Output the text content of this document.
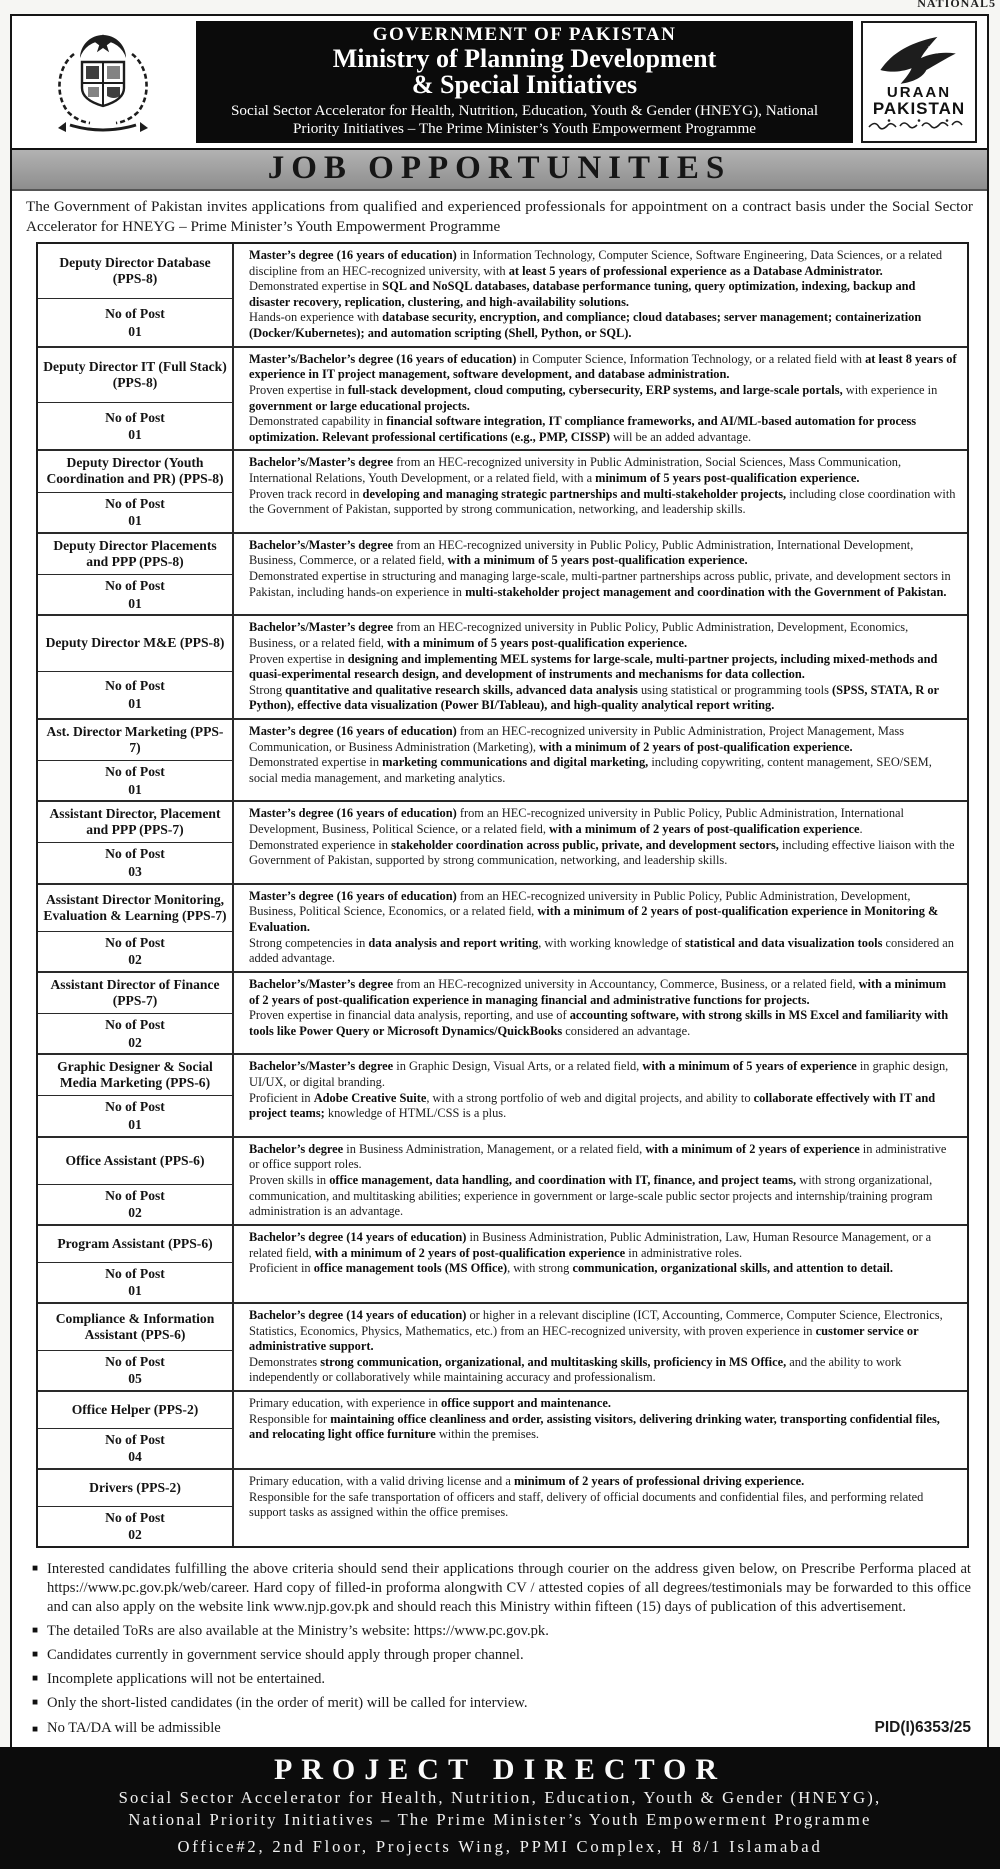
NATIONAL5
GOVERNMENT OF PAKISTAN
Ministry of Planning Development
& Special Initiatives
Social Sector Accelerator for Health, Nutrition, Education, Youth & Gender (HNEYG), National Priority Initiatives – The Prime Minister’s Youth Empowerment Programme
URAAN
PAKISTAN
JOB OPPORTUNITIES
The Government of Pakistan invites applications from qualified and experienced professionals for appointment on a contract basis under the Social Sector Accelerator for HNEYG – Prime Minister’s Youth Empowerment Programme
Deputy Director Database (PPS-8)
No of Post
01

Master’s degree (16 years of education) in Information Technology, Computer Science, Software Engineering, Data Sciences, or a related discipline from an HEC-recognized university, with at least 5 years of professional experience as a Database Administrator.

Demonstrated expertise in SQL and NoSQL databases, database performance tuning, query optimization, indexing, backup and disaster recovery, replication, clustering, and high-availability solutions.

Hands-on experience with database security, encryption, and compliance; cloud databases; server management; containerization (Docker/Kubernetes); and automation scripting (Shell, Python, or SQL).

Deputy Director IT (Full Stack) (PPS-8)
No of Post
01

Master’s/Bachelor’s degree (16 years of education) in Computer Science, Information Technology, or a related field with at least 8 years of experience in IT project management, software development, and database administration.

Proven expertise in full-stack development, cloud computing, cybersecurity, ERP systems, and large-scale portals, with experience in government or large educational projects.

Demonstrated capability in financial software integration, IT compliance frameworks, and AI/ML-based automation for process optimization. Relevant professional certifications (e.g., PMP, CISSP) will be an added advantage.

Deputy Director (Youth Coordination and PR) (PPS-8)
No of Post
01

Bachelor’s/Master’s degree from an HEC-recognized university in Public Administration, Social Sciences, Mass Communication, International Relations, Youth Development, or a related field, with a minimum of 5 years post-qualification experience.

Proven track record in developing and managing strategic partnerships and multi-stakeholder projects, including close coordination with the Government of Pakistan, supported by strong communication, networking, and leadership skills.

Deputy Director Placements and PPP (PPS-8)
No of Post
01

Bachelor’s/Master’s degree from an HEC-recognized university in Public Policy, Public Administration, International Development, Business, Commerce, or a related field, with a minimum of 5 years post-qualification experience.

Demonstrated expertise in structuring and managing large-scale, multi-partner partnerships across public, private, and development sectors in Pakistan, including hands-on experience in multi-stakeholder project management and coordination with the Government of Pakistan.

Deputy Director M&E (PPS-8)
No of Post
01

Bachelor’s/Master’s degree from an HEC-recognized university in Public Policy, Public Administration, Development, Economics, Business, or a related field, with a minimum of 5 years post-qualification experience.

Proven expertise in designing and implementing MEL systems for large-scale, multi-partner projects, including mixed-methods and quasi-experimental research design, and development of instruments and mechanisms for data collection.

Strong quantitative and qualitative research skills, advanced data analysis using statistical or programming tools (SPSS, STATA, R or Python), effective data visualization (Power BI/Tableau), and high-quality analytical report writing.

Ast. Director Marketing (PPS-7)
No of Post
01

Master’s degree (16 years of education) from an HEC-recognized university in Public Administration, Project Management, Mass Communication, or Business Administration (Marketing), with a minimum of 2 years of post-qualification experience.

Demonstrated expertise in marketing communications and digital marketing, including copywriting, content management, SEO/SEM, social media management, and marketing analytics.

Assistant Director, Placement and PPP (PPS-7)
No of Post
03

Master’s degree (16 years of education) from an HEC-recognized university in Public Policy, Public Administration, International Development, Business, Political Science, or a related field, with a minimum of 2 years of post-qualification experience.

Demonstrated experience in stakeholder coordination across public, private, and development sectors, including effective liaison with the Government of Pakistan, supported by strong communication, networking, and leadership skills.

Assistant Director Monitoring, Evaluation & Learning (PPS-7)
No of Post
02

Master’s degree (16 years of education) from an HEC-recognized university in Public Policy, Public Administration, Development, Business, Political Science, Economics, or a related field, with a minimum of 2 years of post-qualification experience in Monitoring & Evaluation.

Strong competencies in data analysis and report writing, with working knowledge of statistical and data visualization tools considered an added advantage.

Assistant Director of Finance (PPS-7)
No of Post
02

Bachelor’s/Master’s degree from an HEC-recognized university in Accountancy, Commerce, Business, or a related field, with a minimum of 2 years of post-qualification experience in managing financial and administrative functions for projects.

Proven expertise in financial data analysis, reporting, and use of accounting software, with strong skills in MS Excel and familiarity with tools like Power Query or Microsoft Dynamics/QuickBooks considered an advantage.

Graphic Designer & Social Media Marketing (PPS-6)
No of Post
01

Bachelor’s/Master’s degree in Graphic Design, Visual Arts, or a related field, with a minimum of 5 years of experience in graphic design, UI/UX, or digital branding.

Proficient in Adobe Creative Suite, with a strong portfolio of web and digital projects, and ability to collaborate effectively with IT and project teams; knowledge of HTML/CSS is a plus.

Office Assistant (PPS-6)
No of Post
02

Bachelor’s degree in Business Administration, Management, or a related field, with a minimum of 2 years of experience in administrative or office support roles.

Proven skills in office management, data handling, and coordination with IT, finance, and project teams, with strong organizational, communication, and multitasking abilities; experience in government or large-scale public sector projects and internship/training program administration is an advantage.

Program Assistant (PPS-6)
No of Post
01

Bachelor’s degree (14 years of education) in Business Administration, Public Administration, Law, Human Resource Management, or a related field, with a minimum of 2 years of post-qualification experience in administrative roles.

Proficient in office management tools (MS Office), with strong communication, organizational skills, and attention to detail.

Compliance & Information Assistant (PPS-6)
No of Post
05

Bachelor’s degree (14 years of education) or higher in a relevant discipline (ICT, Accounting, Commerce, Computer Science, Electronics, Statistics, Economics, Physics, Mathematics, etc.) from an HEC-recognized university, with proven experience in customer service or administrative support.

Demonstrates strong communication, organizational, and multitasking skills, proficiency in MS Office, and the ability to work independently or collaboratively while maintaining accuracy and professionalism.

Office Helper (PPS-2)
No of Post
04

Primary education, with experience in office support and maintenance.

Responsible for maintaining office cleanliness and order, assisting visitors, delivering drinking water, transporting confidential files, and relocating light office furniture within the premises.

Drivers (PPS-2)
No of Post
02

Primary education, with a valid driving license and a minimum of 2 years of professional driving experience.

Responsible for the safe transportation of officers and staff, delivery of official documents and confidential files, and performing related support tasks as assigned within the office premises.

■ Interested candidates fulfilling the above criteria should send their applications through courier on the address given below, on Prescribe Performa placed at https://www.pc.gov.pk/web/career. Hard copy of filled-in proforma alongwith CV / attested copies of all degrees/testimonials may be forwarded to this office and can also apply on the website link www.njp.gov.pk and should reach this Ministry within fifteen (15) days of publication of this advertisement.
■ The detailed ToRs are also available at the Ministry’s website: https://www.pc.gov.pk.
■ Candidates currently in government service should apply through proper channel.
■ Incomplete applications will not be entertained.
■ Only the short-listed candidates (in the order of merit) will be called for interview.
■ No TA/DA will be admissible	PID(I)6353/25
PROJECT DIRECTOR
Social Sector Accelerator for Health, Nutrition, Education, Youth & Gender (HNEYG),
National Priority Initiatives – The Prime Minister’s Youth Empowerment Programme
Office#2, 2nd Floor, Projects Wing, PPMI Complex, H 8/1 Islamabad
